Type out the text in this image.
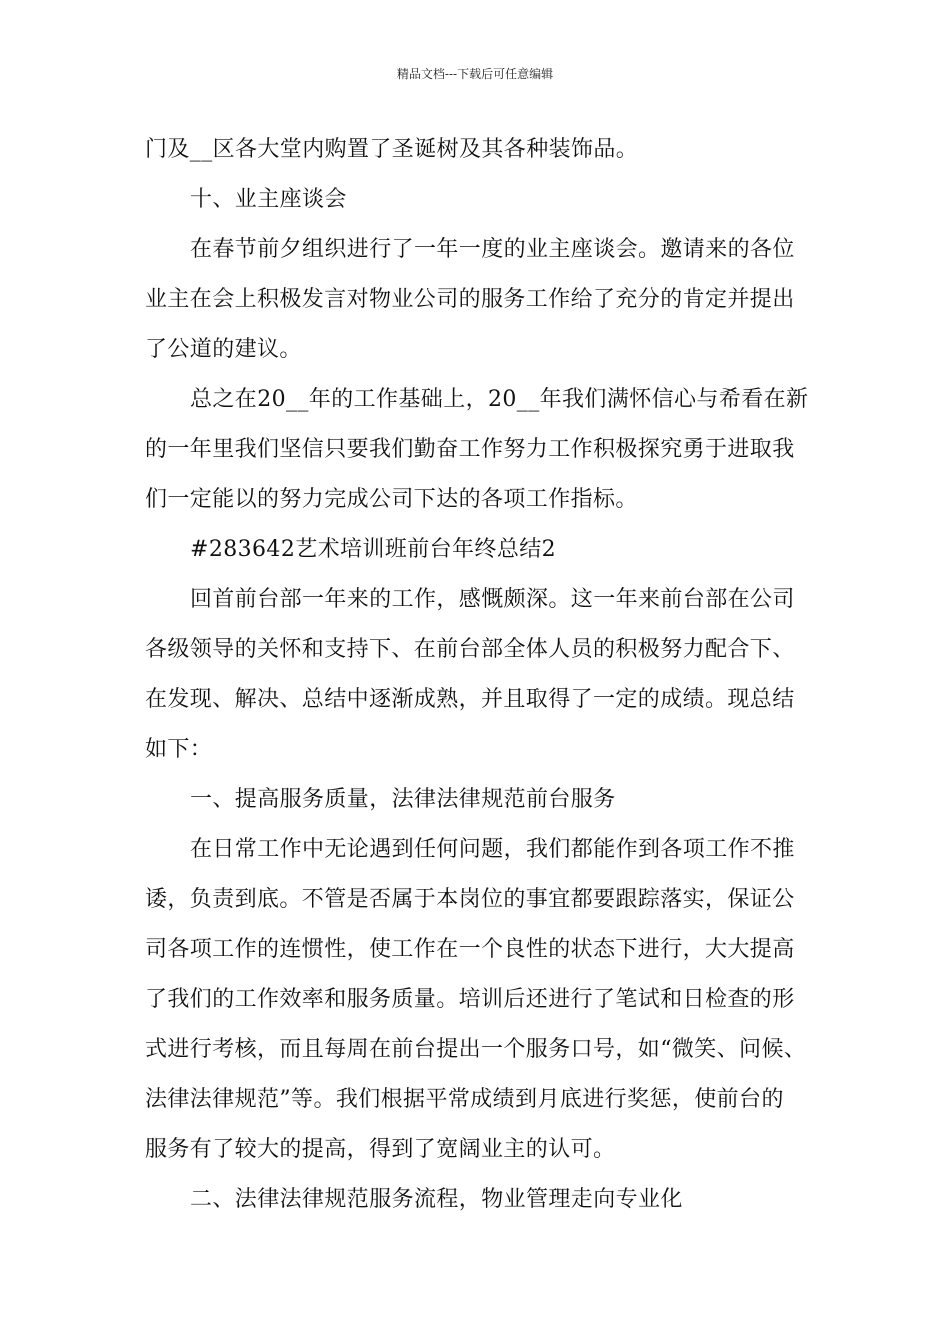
精品文档---下载后可任意编辑
门及__区各大堂内购置了圣诞树及其各种装饰品。
十、业主座谈会
在春节前夕组织进行了一年一度的业主座谈会。邀请来的各位
业主在会上积极发言对物业公司的服务工作给了充分的肯定并提出
了公道的建议。
总之在20__年的工作基础上，20__年我们满怀信心与希看在新
的一年里我们坚信只要我们勤奋工作努力工作积极探究勇于进取我
们一定能以的努力完成公司下达的各项工作指标。
#283642艺术培训班前台年终总结2
回首前台部一年来的工作，感慨颇深。这一年来前台部在公司
各级领导的关怀和支持下、在前台部全体人员的积极努力配合下、
在发现、解决、总结中逐渐成熟，并且取得了一定的成绩。现总结
如下：
一、提高服务质量，法律法律规范前台服务
在日常工作中无论遇到任何问题，我们都能作到各项工作不推
诿，负责到底。不管是否属于本岗位的事宜都要跟踪落实，保证公
司各项工作的连惯性，使工作在一个良性的状态下进行，大大提高
了我们的工作效率和服务质量。培训后还进行了笔试和日检查的形
式进行考核，而且每周在前台提出一个服务口号，如“微笑、问候、
法律法律规范”等。我们根据平常成绩到月底进行奖惩，使前台的
服务有了较大的提高，得到了宽阔业主的认可。
二、法律法律规范服务流程，物业管理走向专业化
